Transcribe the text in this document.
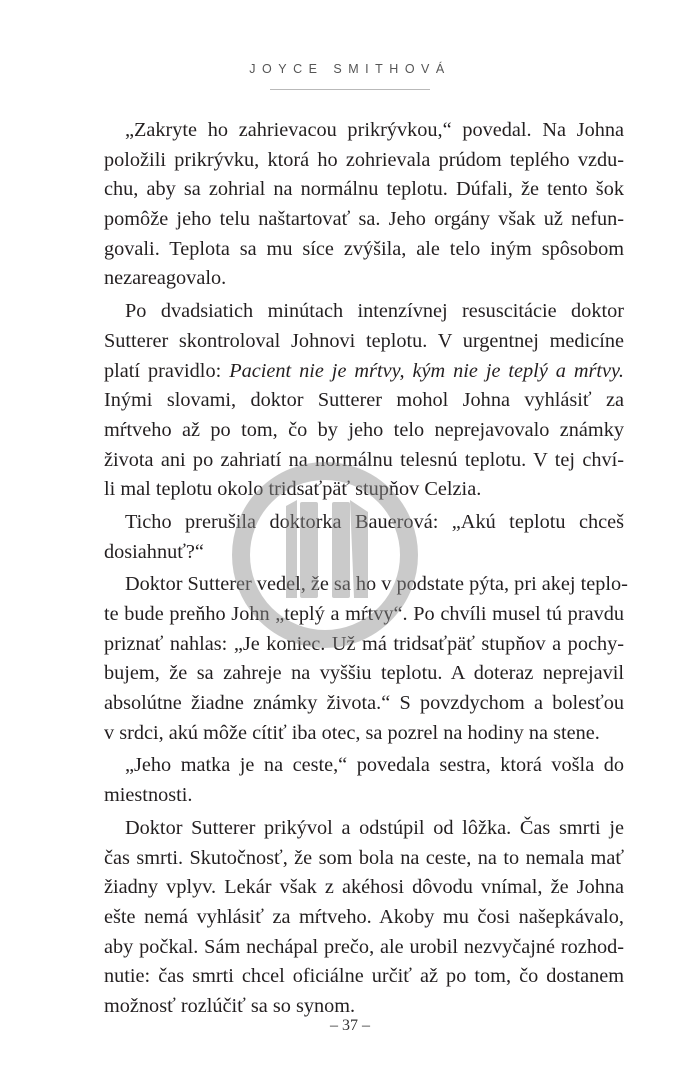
JOYCE SMITHOVÁ
„Zakryte ho zahrievacou prikrývkou,“ povedal. Na Johna
položili prikrývku, ktorá ho zohrievala prúdom teplého vzdu-
chu, aby sa zohrial na normálnu teplotu. Dúfali, že tento šok
pomôže jeho telu naštartovať sa. Jeho orgány však už nefun-
govali. Teplota sa mu síce zvýšila, ale telo iným spôsobom
nezareagovalo.
Po dvadsiatich minútach intenzívnej resuscitácie doktor
Sutterer skontroloval Johnovi teplotu. V urgentnej medicíne
platí pravidlo: Pacient nie je mŕtvy, kým nie je teplý a mŕtvy.
Inými slovami, doktor Sutterer mohol Johna vyhlásiť za
mŕtveho až po tom, čo by jeho telo neprejavovalo známky
života ani po zahriatí na normálnu telesnú teplotu. V tej chví-
li mal teplotu okolo tridsaťpäť stupňov Celzia.
Ticho prerušila doktorka Bauerová: „Akú teplotu chceš
dosiahnuť?“
Doktor Sutterer vedel, že sa ho v podstate pýta, pri akej teplo-
te bude preňho John „teplý a mŕtvy“. Po chvíli musel tú pravdu
priznať nahlas: „Je koniec. Už má tridsaťpäť stupňov a pochy-
bujem, že sa zahreje na vyššiu teplotu. A doteraz neprejavil
absolútne žiadne známky života.“ S povzdychom a bolesťou
v srdci, akú môže cítiť iba otec, sa pozrel na hodiny na stene.
„Jeho matka je na ceste,“ povedala sestra, ktorá vošla do
miestnosti.
Doktor Sutterer prikývol a odstúpil od lôžka. Čas smrti je
čas smrti. Skutočnosť, že som bola na ceste, na to nemala mať
žiadny vplyv. Lekár však z akéhosi dôvodu vnímal, že Johna
ešte nemá vyhlásiť za mŕtveho. Akoby mu čosi našepkávalo,
aby počkal. Sám nechápal prečo, ale urobil nezvyčajné rozhod-
nutie: čas smrti chcel oficiálne určiť až po tom, čo dostanem
možnosť rozlúčiť sa so synom.
– 37 –
